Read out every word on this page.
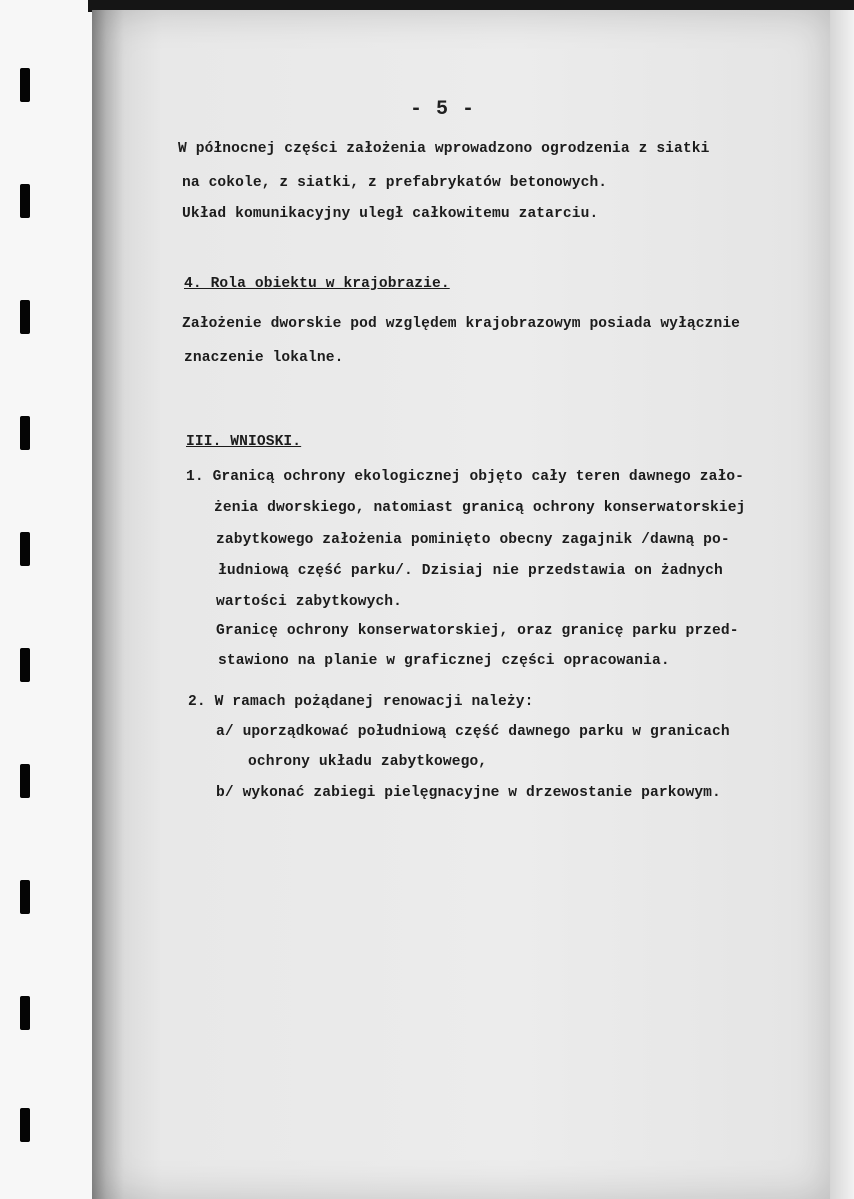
- 5 -
W północnej części założenia wprowadzono ogrodzenia z siatki
na cokole, z siatki, z prefabrykatów betonowych.
Układ komunikacyjny uległ całkowitemu zatarciu.
4. Rola obiektu w krajobrazie.
Założenie dworskie pod względem krajobrazowym posiada wyłącznie
znaczenie lokalne.
III. WNIOSKI.
1. Granicą ochrony ekologicznej objęto cały teren dawnego zało-
żenia dworskiego, natomiast granicą ochrony konserwatorskiej
zabytkowego założenia pominięto obecny zagajnik /dawną po-
łudniową część parku/. Dzisiaj nie przedstawia on żadnych
wartości zabytkowych.
Granicę ochrony konserwatorskiej, oraz granicę parku przed-
stawiono na planie w graficznej części opracowania.
2. W ramach pożądanej renowacji należy:
a/ uporządkować południową część dawnego parku w granicach
ochrony układu zabytkowego,
b/ wykonać zabiegi pielęgnacyjne w drzewostanie parkowym.
